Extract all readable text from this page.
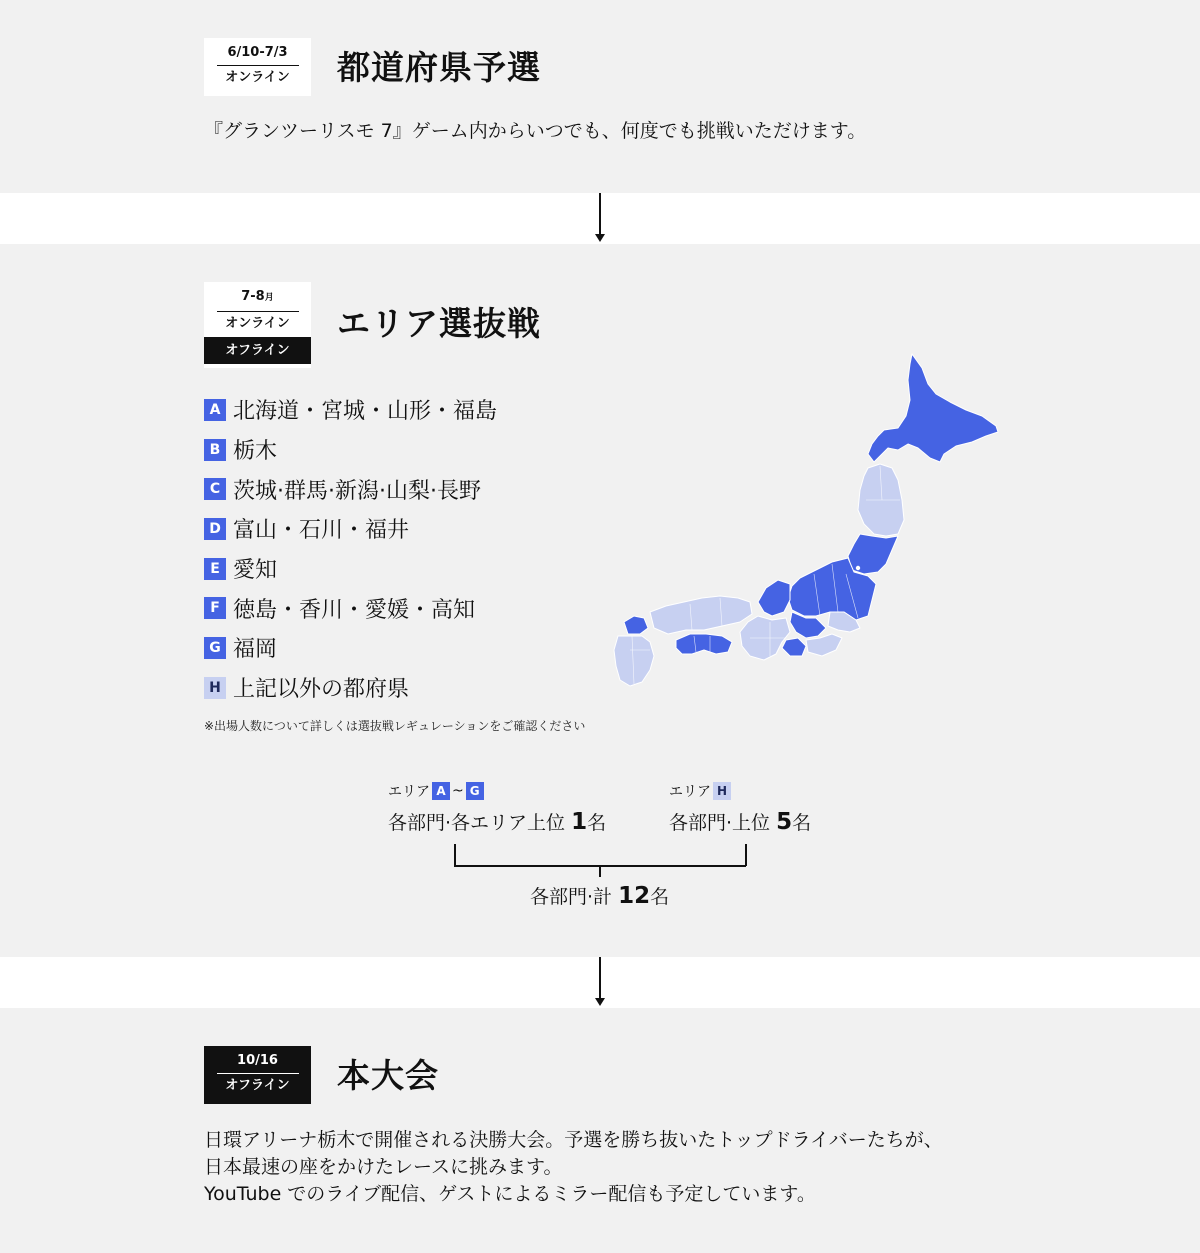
6/10-7/3
オンライン	都道府県予選
『グランツーリスモ 7』ゲーム内からいつでも、何度でも挑戦いただけます。
7-8月
オンライン
オフライン
エリア選抜戦
A 北海道・宮城・山形・福島
B 栃木
C 茨城·群馬·新潟·山梨·長野
D 富山・石川・福井
E 愛知
F 徳島・香川・愛媛・高知
G 福岡
H 上記以外の都府県
※出場人数について詳しくは選抜戦レギュレーションをご確認ください
エリア A ~ G	エリア H
各部門·各エリア上位 1名	各部門·上位 5名
各部門·計 12名
10/16
オフライン	本大会
日環アリーナ栃木で開催される決勝大会。予選を勝ち抜いたトップドライバーたちが、
日本最速の座をかけたレースに挑みます。
YouTube でのライブ配信、ゲストによるミラー配信も予定しています。
